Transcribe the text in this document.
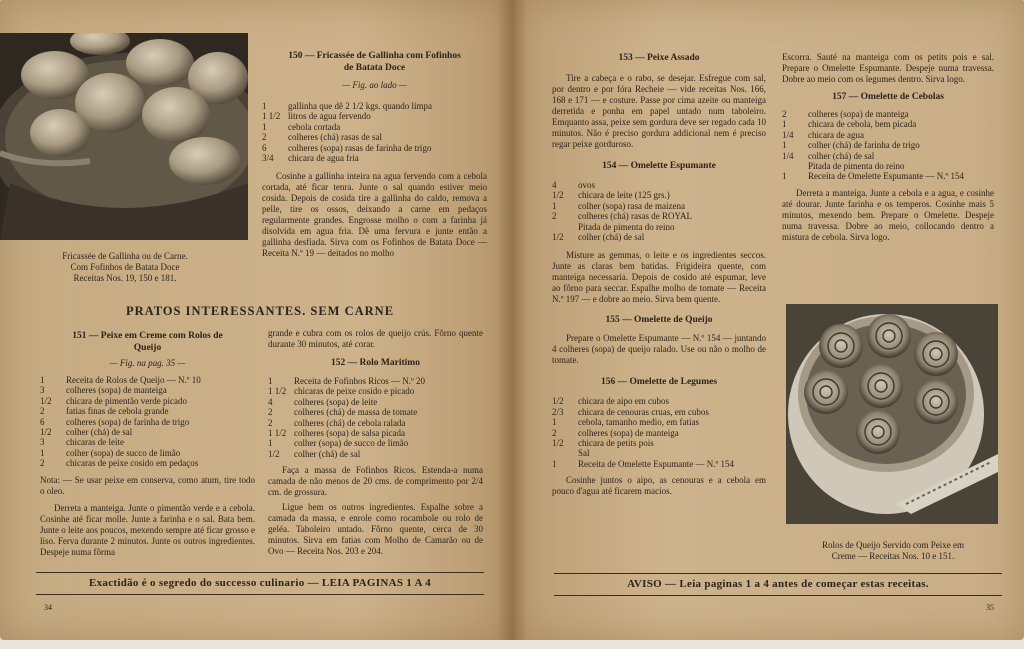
Fricassée de Gallinha ou de Carne.
Com Fofinhos de Batata Doce
Receitas Nos. 19, 150 e 181.
150 — Fricassée de Gallinha com Fofinhos
de Batata Doce
— Fig. ao lado —
1	gallinha que dê 2 1/2 kgs. quando limpa
1 1/2 litros de agua fervendo
1	cebola cortada
2	colheres (chá) rasas de sal
6	colheres (sopa) rasas de farinha de trigo
3/4	chicara de agua fria
Cosinhe a gallinha inteira na agua fervendo com a cebola cortada, até ficar tenra. Junte o sal quando estiver meio cosida. Depois de cosida tire a gallinha do caldo, remova a pelle, tire os ossos, deixando a carne em pedaços regularmente grandes. Engrosse molho o com a farinha já disolvida em agua fria. Dê uma fervura e junte então a gallinha desfiada. Sirva com os Fofinhos de Batata Doce — Receita N.º 19 — deitados no molho
PRATOS INTERESSANTES. SEM CARNE
151 — Peixe em Creme com Rolos de
Queijo
— Fig. na pag. 35 —
1	Receita de Rolos de Queijo — N.º 10
3	colheres (sopa) de manteiga
1/2	chicara de pimentão verde picado
2	fatias finas de cebola grande
6	colheres (sopa) de farinha de trigo
1/2	colher (chá) de sal
3	chicaras de leite
1	colher (sopa) de succo de limão
2	chicaras de peixe cosido em pedaços
Nota: — Se usar peixe em conserva, como atum, tire todo o oleo.
Derreta a manteiga. Junte o pimentão verde e a cebola. Cosinhe até ficar molle. Junte a farinha e o sal. Bata bem. Junte o leite aos poucos, mexendo sempre até ficar grosso e liso. Ferva durante 2 minutos. Junte os outros ingredientes. Despeje numa fôrma
grande e cubra com os rolos de queijo crús. Fôrno quente durante 30 minutos, até corar.
152 — Rolo Maritimo
1	Receita de Fofinhos Ricos — N.º 20
1 1/2 chicaras de peixe cosido e picado
4	colheres (sopa) de leite
2	colheres (chá) de massa de tomate
2	colheres (chá) de cebola ralada
1 1/2 colheres (sopa) de salsa picada
1	colher (sopa) de succo de limão
1/2	colher (chá) de sal
Faça a massa de Fofinhos Ricos. Estenda-a numa camada de não menos de 20 cms. de comprimento por 2/4 cm. de grossura.
Ligue bem os outros ingredientes. Espalhe sobre a camada da massa, e enrole como rocambole ou rolo de geléa. Taboleiro untado. Fôrno quente, cerca de 30 minutos. Sirva em fatias com Molho de Camarão ou de Ovo — Receita Nos. 203 e 204.
Exactidão é o segredo do successo culinario — LEIA PAGINAS 1 A 4
34
153 — Peixe Assado
Tire a cabeça e o rabo, se desejar. Esfregue com sal, por dentro e por fóra Recheie — vide receitas Nos. 166, 168 e 171 — e costure. Passe por cima azeite ou manteiga derretida e ponha em papel untado num taboleiro. Emquanto assa, peixe sem gordura deve ser regado cada 10 minutos. Não é preciso gordura addicional nem é preciso regar peixe gorduroso.
154 — Omelette Espumante
4	ovos
1/2	chicara de leite (125 grs.)
1	colher (sopa) rasa de maizena
2	colheres (chá) rasas de ROYAL
Pitada de pimenta do reino
1/2	colher (chá) de sal
Misture as gemmas, o leite e os ingredientes seccos. Junte as claras bem batidas. Frigideira quente, com manteiga necessaria. Depois de cosido até espumar, leve ao fôrno para seccar. Espalhe molho de tomate — Receita N.º 197 — e dobre ao meio. Sirva bem quente.
155 — Omelette de Queijo
Prepare o Omelette Espumante — N.º 154 — juntando 4 colheres (sopa) de queijo ralado. Use ou não o molho de tomate.
156 — Omelette de Legumes
1/2	chicara de aipo em cubos
2/3	chicara de cenouras cruas, em cubos
1	cebola, tamanho medio, em fatias
2	colheres (sopa) de manteiga
1/2	chicara de petits pois
Sal
1	Receita de Omelette Espumante — N.º 154
Cosinhe juntos o aipo, as cenouras e a cebola em pouco d'agua até ficarem macios.
Escorra. Sauté na manteiga com os petits pois e sal. Prepare o Omelette Espumante. Despeje numa travessa. Dobre ao meio com os legumes dentro. Sirva logo.
157 — Omelette de Cebolas
2	colheres (sopa) de manteiga
1	chicara de cebola, bem picada
1/4	chicara de agua
1	colher (chá) de farinha de trigo
1/4	colher (chá) de sal
Pitada de pimenta do reino
1	Receita de Omelette Espumante — N.º 154
Derreta a manteiga. Junte a cebola e a agua, e cosinhe até dourar. Junte farinha e os temperos. Cosinhe mais 5 minutos, mexendo bem. Prepare o Omelette. Despeje numa travessa. Dobre ao meio, collocando dentro a mistura de cebola. Sirva logo.
Rolos de Queijo Servido com Peixe em
Creme — Receitas Nos. 10 e 151.
AVISO — Leia paginas 1 a 4 antes de começar estas receitas.
35
